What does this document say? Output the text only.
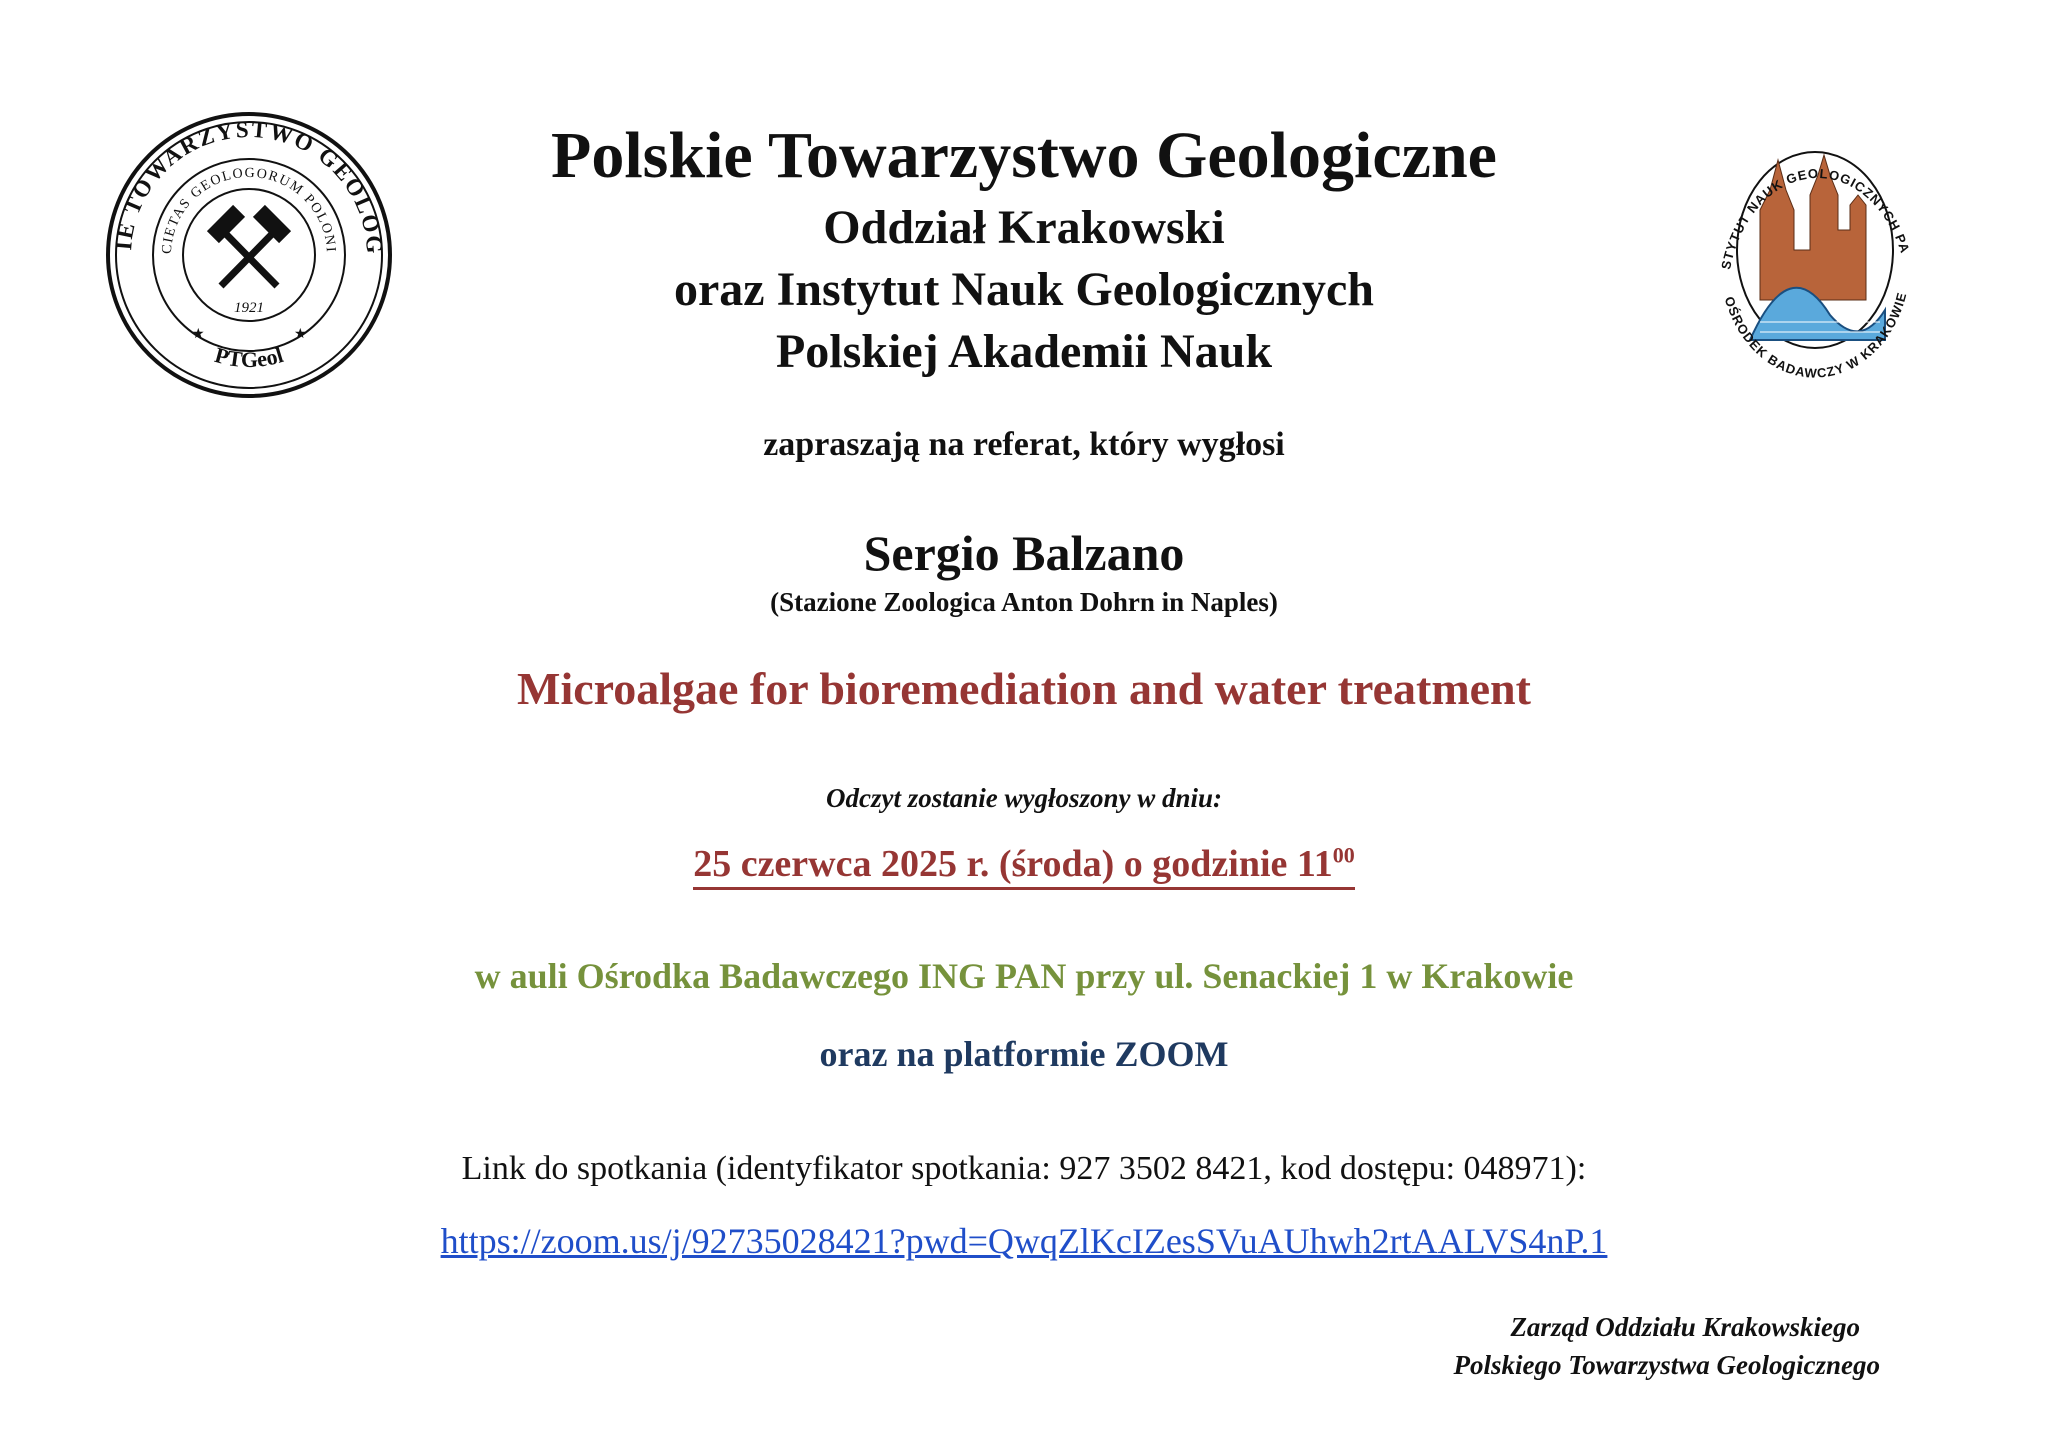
IE TOWARZYSTWO GEOLOG
CIETAS GEOLOGORUM POLONI
PTGeol
1921
★	★
STYTUT NAUK GEOLOGICZNYCH PA
OŚRODEK BADAWCZY W KRAKOWIE
Polskie Towarzystwo Geologiczne
Oddział Krakowski
oraz Instytut Nauk Geologicznych
Polskiej Akademii Nauk
zapraszają na referat, który wygłosi
Sergio Balzano
(Stazione Zoologica Anton Dohrn in Naples)
Microalgae for bioremediation and water treatment
Odczyt zostanie wygłoszony w dniu:
25 czerwca 2025 r. (środa) o godzinie $11^{00}$
w auli Ośrodka Badawczego ING PAN przy ul. Senackiej 1 w Krakowie
oraz na platformie ZOOM
Link do spotkania (identyfikator spotkania: 927 3502 8421, kod dostępu: 048971):
https://zoom.us/j/92735028421?pwd=QwqZlKcIZesSVuAUhwh2rtAALVS4nP.1
Zarząd Oddziału Krakowskiego
Polskiego Towarzystwa Geologicznego
